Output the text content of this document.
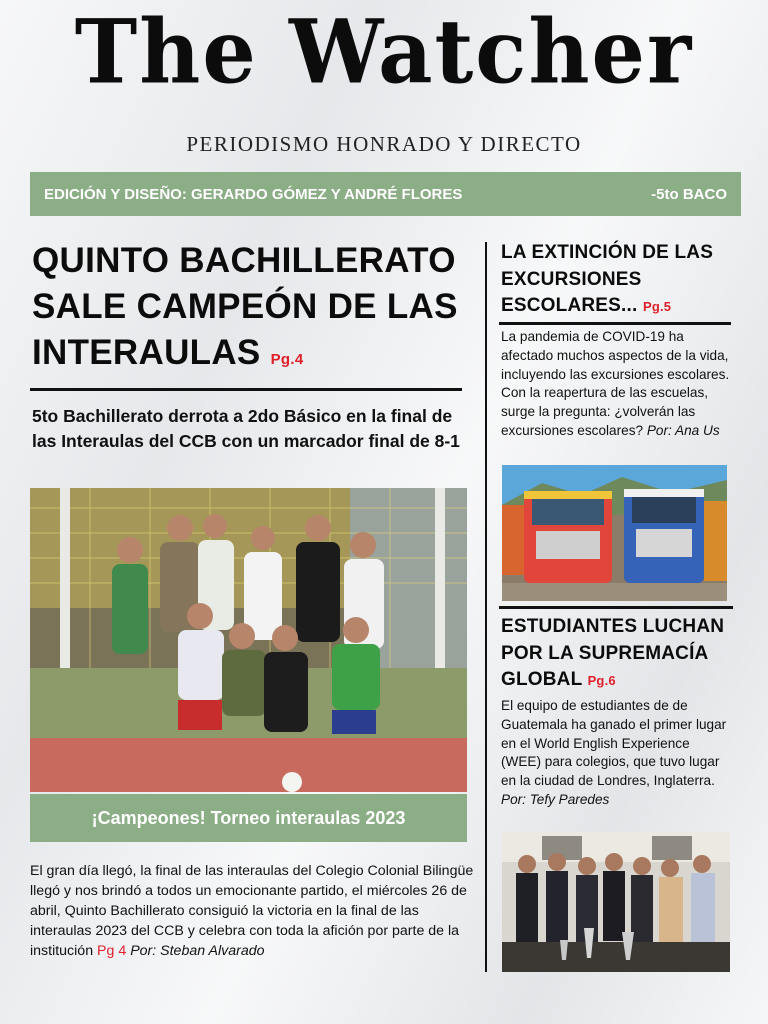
The Watcher
PERIODISMO HONRADO Y DIRECTO
EDICIÓN Y DISEÑO: GERARDO GÓMEZ Y ANDRÉ FLORES	-5to BACO
QUINTO BACHILLERATO SALE CAMPEÓN DE LAS INTERAULAS Pg.4
5to Bachillerato derrota a 2do Básico en la final de las Interaulas del CCB con un marcador final de 8-1
¡Campeones! Torneo interaulas 2023
El gran día llegó, la final de las interaulas del Colegio Colonial Bilingüe llegó y nos brindó a todos un emocionante partido, el miércoles 26 de abril, Quinto Bachillerato consiguió la victoria en la final de las interaulas 2023 del CCB y celebra con toda la afición por parte de la institución Pg 4 Por: Steban Alvarado
LA EXTINCIÓN DE LAS EXCURSIONES ESCOLARES... Pg.5
La pandemia de COVID-19 ha afectado muchos aspectos de la vida, incluyendo las excursiones escolares. Con la reapertura de las escuelas, surge la pregunta: ¿volverán las excursiones escolares? Por: Ana Us
ESTUDIANTES LUCHAN POR LA SUPREMACÍA GLOBAL Pg.6
El equipo de estudiantes de de Guatemala ha ganado el primer lugar en el World English Experience (WEE) para colegios, que tuvo lugar en la ciudad de Londres, Inglaterra. Por: Tefy Paredes
